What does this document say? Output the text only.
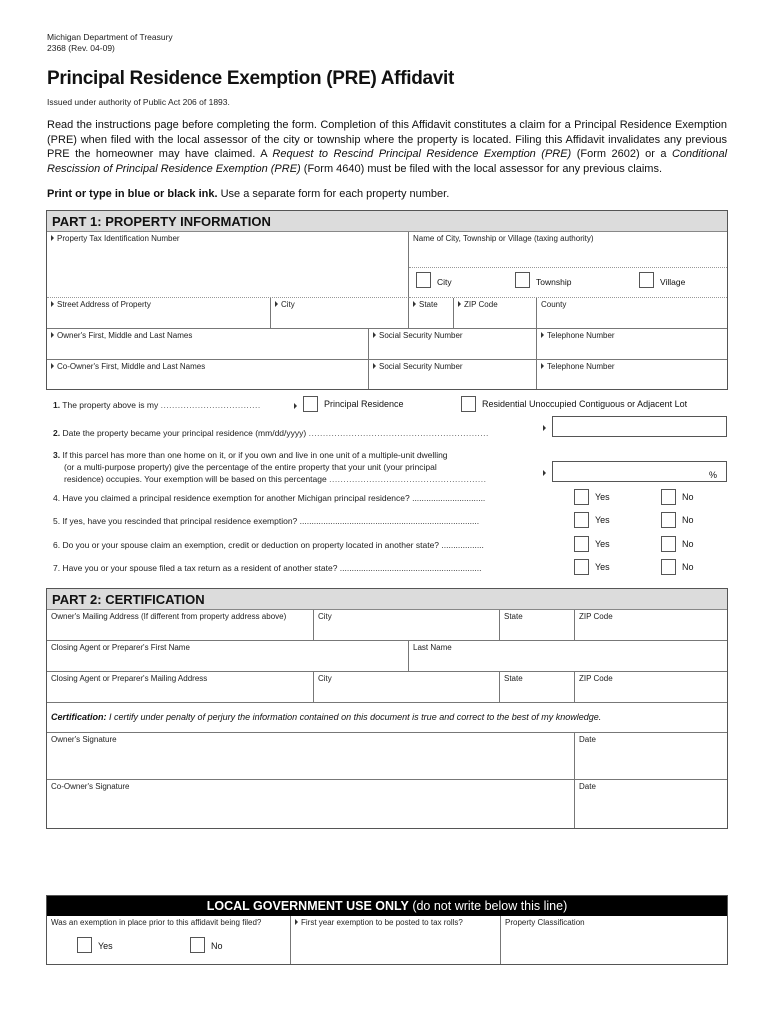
Michigan Department of Treasury
2368 (Rev. 04-09)
Principal Residence Exemption (PRE) Affidavit
Issued under authority of Public Act 206 of 1893.
Read the instructions page before completing the form. Completion of this Affidavit constitutes a claim for a Principal Residence Exemption (PRE) when filed with the local assessor of the city or township where the property is located. Filing this Affidavit invalidates any previous PRE the homeowner may have claimed. A Request to Rescind Principal Residence Exemption (PRE) (Form 2602) or a Conditional Rescission of Principal Residence Exemption (PRE) (Form 4640) must be filed with the local assessor for any previous claims.
Print or type in blue or black ink. Use a separate form for each property number.
PART 1: PROPERTY INFORMATION
Property Tax Identification Number	Name of City, Township or Village (taxing authority)
City	Township	Village
Street Address of Property	City	State	ZIP Code	County
Owner's First, Middle and Last Names	Social Security Number	Telephone Number
Co-Owner's First, Middle and Last Names	Social Security Number	Telephone Number
1. The property above is my ...................................	Principal Residence	Residential Unoccupied Contiguous or Adjacent Lot
2. Date the property became your principal residence (mm/dd/yyyy) ...............................................................
3. If this parcel has more than one home on it, or if you own and live in one unit of a multiple-unit dwelling
(or a multi-purpose property) give the percentage of the entire property that your unit (your principal
residence) occupies. Your exemption will be based on this percentage .......................................................	%
4. Have you claimed a principal residence exemption for another Michigan principal residence? ...............................	Yes	No
5. If yes, have you rescinded that principal residence exemption? ............................................................................	Yes	No
6. Do you or your spouse claim an exemption, credit or deduction on property located in another state? ..................	Yes	No
7. Have you or your spouse filed a tax return as a resident of another state? ............................................................	Yes	No
PART 2: CERTIFICATION
Owner's Mailing Address (If different from property address above)	City	State	ZIP Code
Closing Agent or Preparer's First Name	Last Name
Closing Agent or Preparer's Mailing Address	City	State	ZIP Code
Certification: I certify under penalty of perjury the information contained on this document is true and correct to the best of my knowledge.
Owner's Signature	Date
Co-Owner's Signature	Date
LOCAL GOVERNMENT USE ONLY (do not write below this line)
Was an exemption in place prior to this affidavit being filed?
Yes	No
First year exemption to be posted to tax rolls?	Property Classification
